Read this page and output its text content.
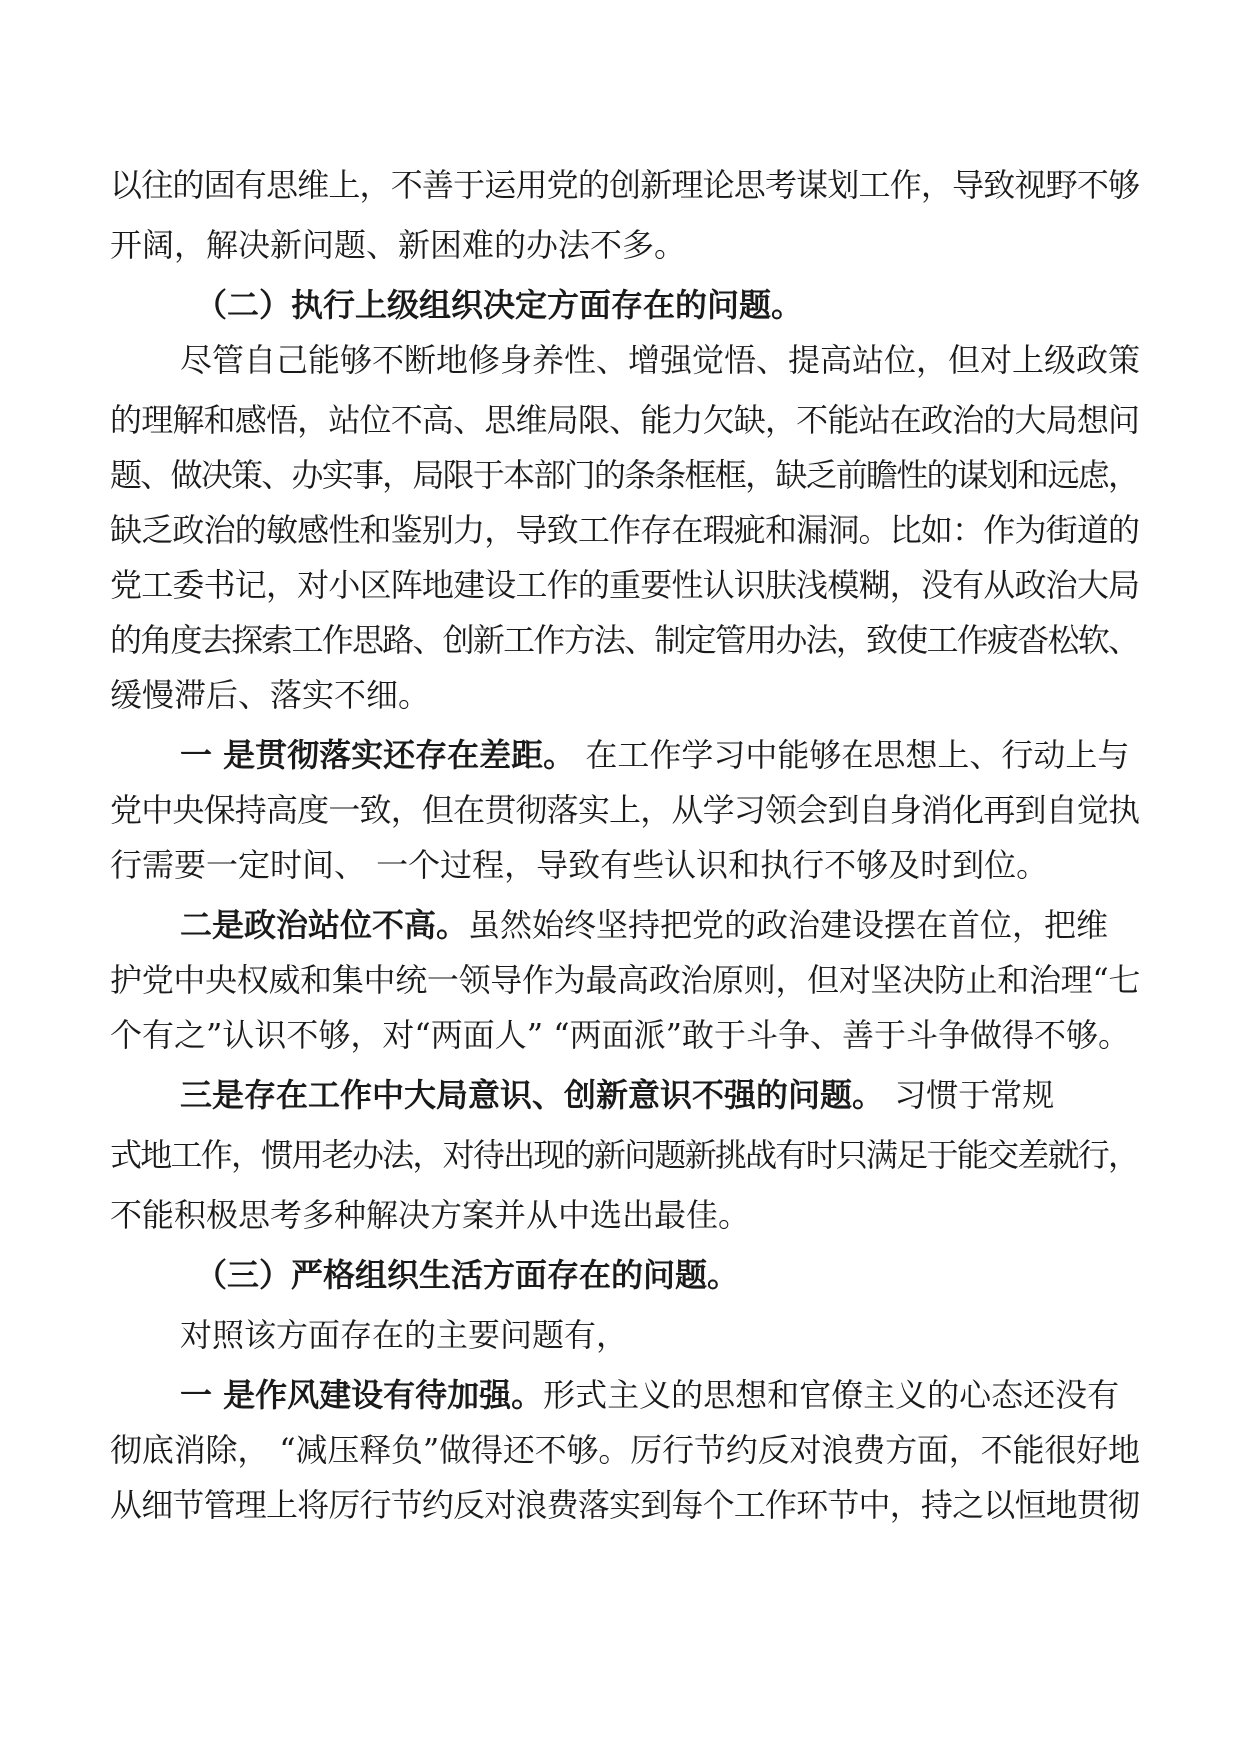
以往的固有思维上，不善于运用党的创新理论思考谋划工作，导致视野不够
开阔，解决新问题、新困难的办法不多。
（二）执行上级组织决定方面存在的问题。
尽管自己能够不断地修身养性、增强觉悟、提高站位，但对上级政策
的理解和感悟，站位不高、思维局限、能力欠缺，不能站在政治的大局想问
题、做决策、办实事，局限于本部门的条条框框，缺乏前瞻性的谋划和远虑，
缺乏政治的敏感性和鉴别力，导致工作存在瑕疵和漏洞。比如：作为街道的
党工委书记，对小区阵地建设工作的重要性认识肤浅模糊，没有从政治大局
的角度去探索工作思路、创新工作方法、制定管用办法，致使工作疲沓松软、
缓慢滞后、落实不细。
一 是贯彻落实还存在差距。 在工作学习中能够在思想上、行动上与
党中央保持高度一致，但在贯彻落实上，从学习领会到自身消化再到自觉执
行需要一定时间、 一个过程，导致有些认识和执行不够及时到位。
二是政治站位不高。虽然始终坚持把党的政治建设摆在首位，把维
护党中央权威和集中统一领导作为最高政治原则，但对坚决防止和治理“七
个有之”认识不够，对“两面人” “两面派”敢于斗争、善于斗争做得不够。
三是存在工作中大局意识、创新意识不强的问题。 习惯于常规
式地工作，惯用老办法，对待出现的新问题新挑战有时只满足于能交差就行，
不能积极思考多种解决方案并从中选出最佳。
（三）严格组织生活方面存在的问题。
对照该方面存在的主要问题有，
一 是作风建设有待加强。形式主义的思想和官僚主义的心态还没有
彻底消除， “减压释负”做得还不够。厉行节约反对浪费方面，不能很好地
从细节管理上将厉行节约反对浪费落实到每个工作环节中，持之以恒地贯彻
